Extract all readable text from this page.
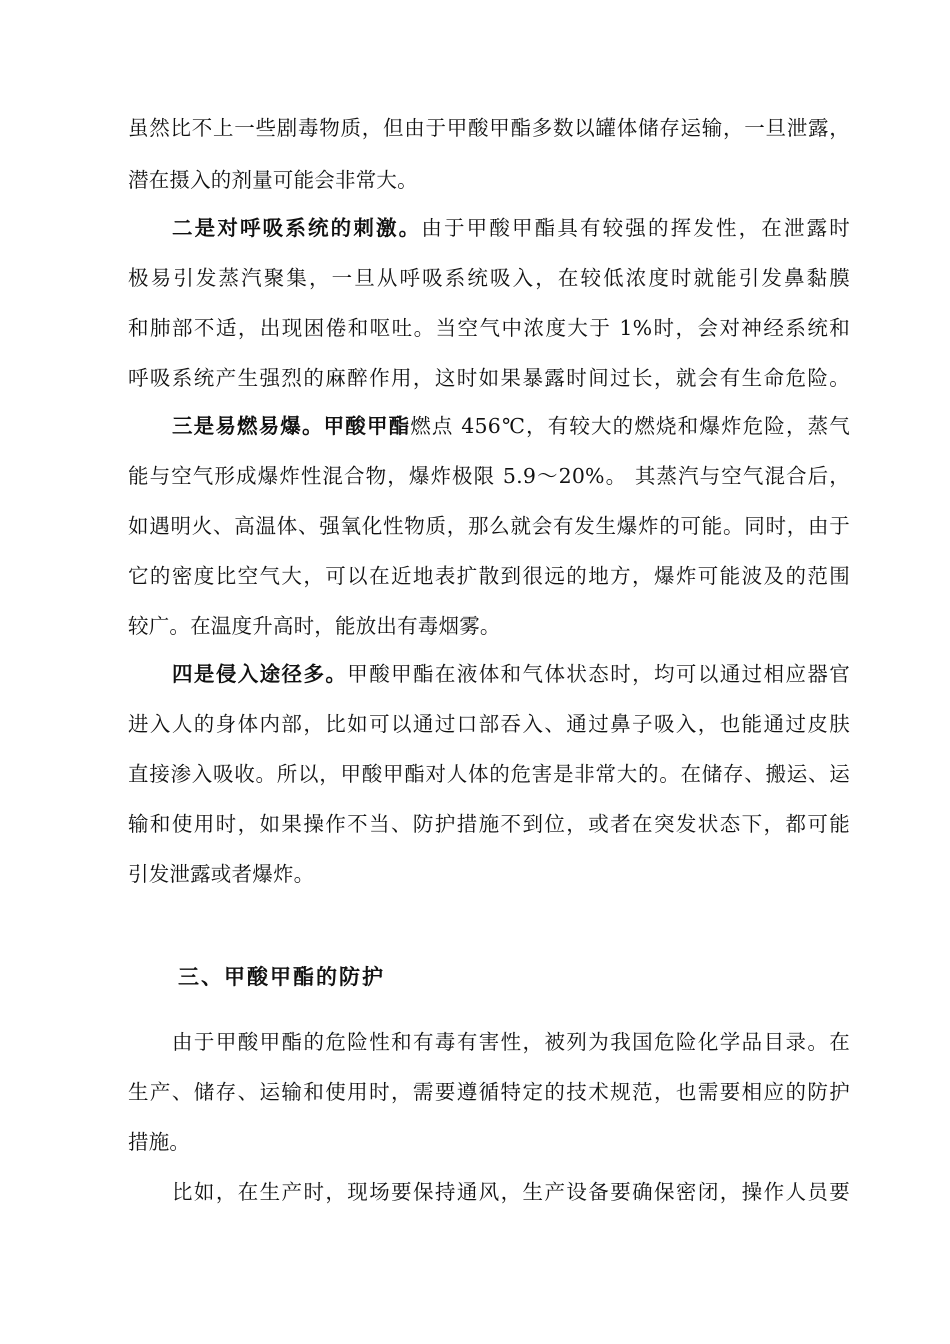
虽然比不上一些剧毒物质，但由于甲酸甲酯多数以罐体储存运输，一旦泄露，
潜在摄入的剂量可能会非常大。
二是对呼吸系统的刺激。由于甲酸甲酯具有较强的挥发性，在泄露时
极易引发蒸汽聚集，一旦从呼吸系统吸入，在较低浓度时就能引发鼻黏膜
和肺部不适，出现困倦和呕吐。当空气中浓度大于 1%时，会对神经系统和
呼吸系统产生强烈的麻醉作用，这时如果暴露时间过长，就会有生命危险。
三是易燃易爆。甲酸甲酯燃点 456℃，有较大的燃烧和爆炸危险，蒸气
能与空气形成爆炸性混合物，爆炸极限 5.9～20%。 其蒸汽与空气混合后，
如遇明火、高温体、强氧化性物质，那么就会有发生爆炸的可能。同时，由于
它的密度比空气大，可以在近地表扩散到很远的地方，爆炸可能波及的范围
较广。在温度升高时，能放出有毒烟雾。
四是侵入途径多。甲酸甲酯在液体和气体状态时，均可以通过相应器官
进入人的身体内部，比如可以通过口部吞入、通过鼻子吸入，也能通过皮肤
直接渗入吸收。所以，甲酸甲酯对人体的危害是非常大的。在储存、搬运、运
输和使用时，如果操作不当、防护措施不到位，或者在突发状态下，都可能
引发泄露或者爆炸。
三、甲酸甲酯的防护
由于甲酸甲酯的危险性和有毒有害性，被列为我国危险化学品目录。在
生产、储存、运输和使用时，需要遵循特定的技术规范，也需要相应的防护
措施。
比如，在生产时，现场要保持通风，生产设备要确保密闭，操作人员要
